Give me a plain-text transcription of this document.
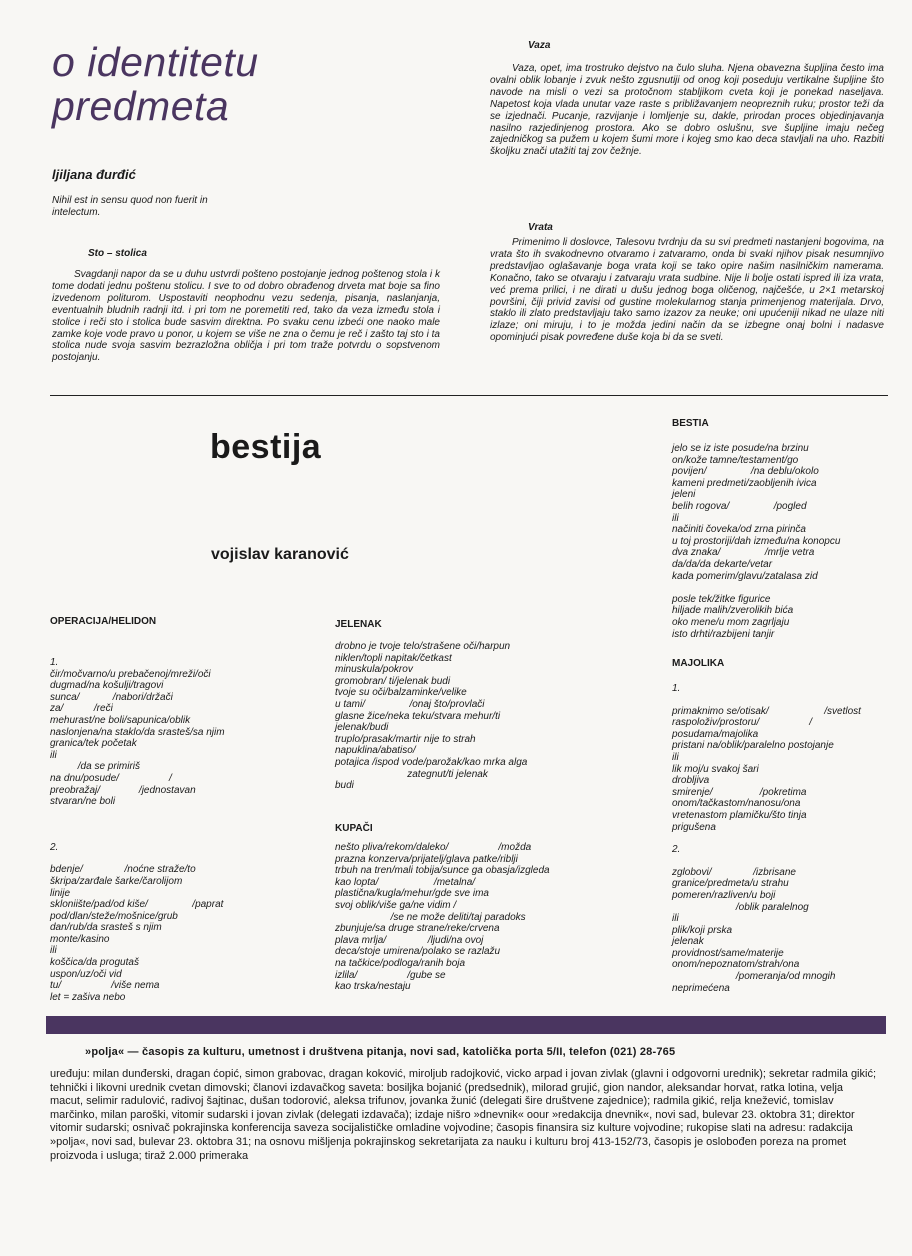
o identitetu
predmeta
ljiljana đurđić
Nihil est in sensu quod non fuerit in intelectum.
Sto – stolica

Svagdanji napor da se u duhu ustvrdi pošteno postojanje jednog poštenog stola i k tome dodati jednu poštenu stolicu. I sve to od dobro obrađenog drveta mat boje sa fino izvedenom politurom. Uspostaviti neophodnu vezu sedenja, pisanja, naslanjanja, eventualnih bludnih radnji itd. i pri tom ne poremetiti red, tako da veza između stola i stolice i reči sto i stolica bude sasvim direktna. Po svaku cenu izbeći one naoko male zamke koje vode pravo u ponor, u kojem se više ne zna o čemu je reč i zašto taj sto i ta stolica nude svoja sasvim bezrazložna obličja i pri tom traže potvrdu o sopstvenom postojanju.

Vaza

Vaza, opet, ima trostruko dejstvo na čulo sluha. Njena obavezna šupljina često ima ovalni oblik lobanje i zvuk nešto zgusnutiji od onog koji poseduju vertikalne šupljine što navode na misli o vezi sa protočnom stabljikom cveta koji je ponekad naseljava. Napetost koja vlada unutar vaze raste s približavanjem neopreznih ruku; prostor teži da se izjednači. Pucanje, razvijanje i lomljenje su, dakle, prirodan proces objedinjavanja nasilno razjedinjenog prostora. Ako se dobro oslušnu, sve šupljine imaju nečeg zajedničkog sa pužem u kojem šumi more i kojeg smo kao deca stavljali na uho. Razbiti školjku znači utažiti taj zov čežnje.

Vrata

Primenimo li doslovce, Talesovu tvrdnju da su svi predmeti nastanjeni bogovima, na vrata što ih svakodnevno otvaramo i zatvaramo, onda bi svaki njihov pisak nesumnjivo predstavljao oglašavanje boga vrata koji se tako opire našim nasilničkim namerama. Konačno, tako se otvaraju i zatvaraju vrata sudbine. Nije li bolje ostati ispred ili iza vrata, već prema prilici, i ne dirati u dušu jednog boga oličenog, najčešće, u 2×1 metarskoj površini, čiji privid zavisi od gustine molekularnog stanja primenjenog materijala. Drvo, staklo ili zlato predstavljaju tako samo izazov za neuke; oni upućeniji nikad ne ulaze niti izlaze; oni miruju, i to je možda jedini način da se izbegne onaj bolni i nadasve opominjući pisak povređene duše koja bi da se sveti.

bestija
vojislav karanović

OPERACIJA/HELIDON

1.

čir/močvarno/u prebačenoj/mreži/oči
dugmad/na košulji/tragovi
sunca/            /nabori/držači
za/           /reči
mehurast/ne boli/sapunica/oblik
naslonjena/na staklo/da srasteš/sa njim
granica/tek početak
ili
/da se primiriš
na dnu/posude/                  /
preobražaj/              /jednostavan
stvaran/ne boli

2.

bdenje/               /noćne straže/to
škripa/zarđale šarke/čarolijom
linije
skloniište/pad/od kiše/                /paprat
pod/dlan/steže/mošnice/grub
dan/rub/da srasteš s njim
monte/kasino
ili
koščica/da progutaš
uspon/uz/oči vid
tu/                  /više nema
let = zašiva nebo

JELENAK

drobno je tvoje telo/strašene oči/harpun
niklen/topli napitak/četkast
minuskula/pokrov
gromobran/ ti/jelenak budi
tvoje su oči/balzaminke/velike
u tami/                /onaj što/provlači
glasne žice/neka teku/stvara mehur/ti
jelenak/budi
truplo/prasak/martir nije to strah
napuklina/abatiso/
potajica /ispod vode/parožak/kao mrka alga
zategnut/ti jelenak
budi

KUPAČI

nešto pliva/rekom/daleko/                  /možda
prazna konzerva/prijatelj/glava patke/riblji
trbuh na tren/mali tobija/sunce ga obasja/izgleda
kao lopta/                    /metalna/
plastična/kugla/mehur/gde sve ima
svoj oblik/više ga/ne vidim /
/se ne može deliti/taj paradoks
zbunjuje/sa druge strane/reke/crvena
plava mrlja/               /ljudi/na ovoj
deca/stoje umirena/polako se razlažu
na tačkice/podloga/ranih boja
izlila/                  /gube se
kao trska/nestaju

BESTIA

jelo se iz iste posude/na brzinu
on/kože tamne/testament/go
povijen/                /na deblu/okolo
kameni predmeti/zaobljenih ivica
jeleni
belih rogova/                /pogled
ili
načiniti čoveka/od zrna pirinča
u toj prostoriji/dah između/na konopcu
dva znaka/                /mrlje vetra
da/da/da dekarte/vetar
kada pomerim/glavu/zatalasa zid

posle tek/žitke figurice
hiljade malih/zverolikih bića
oko mene/u mom zagrljaju
isto drhti/razbijeni tanjir

MAJOLIKA

1.

primaknimo se/otisak/                    /svetlost
raspoloživ/prostoru/                  /
posudama/majolika
pristani na/oblik/paralelno postojanje
ili
lik moj/u svakoj šari
drobljiva
smirenje/                 /pokretima
onom/tačkastom/nanosu/ona
vretenastom plamičku/što tinja
prigušena

2.

zglobovi/               /izbrisane
granice/predmeta/u strahu
pomeren/razliven/u boji
/oblik paralelnog
ili
plik/koji prska
jelenak
providnost/same/materije
onom/nepoznatom/strah/ona
/pomeranja/od mnogih
neprimećena

»polja« — časopis za kulturu, umetnost i društvena pitanja, novi sad, katolička porta 5/II, telefon (021) 28-765
uređuju: milan dunđerski, dragan ćopić, simon grabovac, dragan koković, miroljub radojković, vicko arpad i jovan zivlak (glavni i odgovorni urednik); sekretar radmila gikić; tehnički i likovni urednik cvetan dimovski; članovi izdavačkog saveta: bosiljka bojanić (predsednik), milorad grujić, gion nandor, aleksandar horvat, ratka lotina, velja macut, selimir radulović, radivoj šajtinac, dušan todorović, aleksa trifunov, jovanka žunić (delegati šire društvene zajednice); radmila gikić, relja knežević, tomislav marčinko, milan paroški, vitomir sudarski i jovan zivlak (delegati izdavača); izdaje nišro »dnevnik« oour »redakcija dnevnik«, novi sad, bulevar 23. oktobra 31; direktor vitomir sudarski; osnivač pokrajinska konferencija saveza socijalističke omladine vojvodine; časopis finansira siz kulture vojvodine; rukopise slati na adresu: radakcija »polja«, novi sad, bulevar 23. oktobra 31; na osnovu mišljenja pokrajinskog sekretarijata za nauku i kulturu broj 413-152/73, časopis je oslobođen poreza na promet proizvoda i usluga; tiraž 2.000 primeraka
